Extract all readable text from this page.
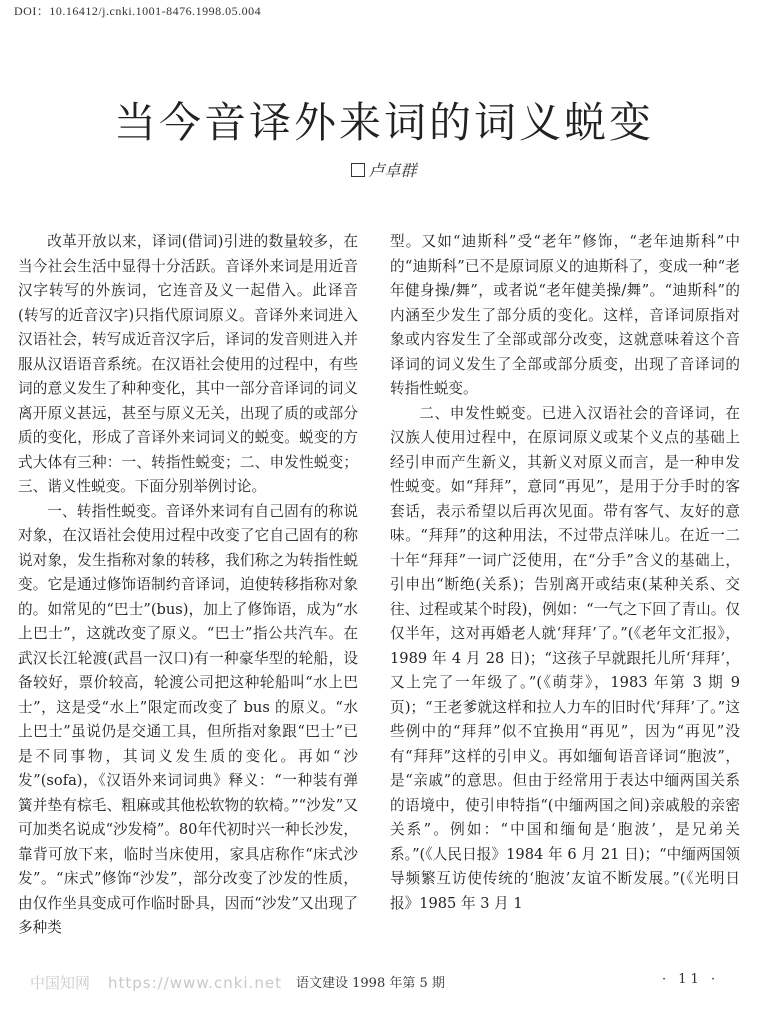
DOI：10.16412/j.cnki.1001-8476.1998.05.004
当今音译外来词的词义蜕变
卢卓群

改革开放以来，译词(借词)引进的数量较多，在当今社会生活中显得十分活跃。音译外来词是用近音汉字转写的外族词，它连音及义一起借入。此译音(转写的近音汉字)只指代原词原义。音译外来词进入汉语社会，转写成近音汉字后，译词的发音则进入并服从汉语语音系统。在汉语社会使用的过程中，有些词的意义发生了种种变化，其中一部分音译词的词义离开原义甚远，甚至与原义无关，出现了质的或部分质的变化，形成了音译外来词词义的蜕变。蜕变的方式大体有三种：一、转指性蜕变；二、申发性蜕变；三、谐义性蜕变。下面分别举例讨论。

一、转指性蜕变。音译外来词有自己固有的称说对象，在汉语社会使用过程中改变了它自己固有的称说对象，发生指称对象的转移，我们称之为转指性蜕变。它是通过修饰语制约音译词，迫使转移指称对象的。如常见的“巴士”(bus)，加上了修饰语，成为“水上巴士”，这就改变了原义。“巴士”指公共汽车。在武汉长江轮渡(武昌一汉口)有一种豪华型的轮船，设备较好，票价较高，轮渡公司把这种轮船叫“水上巴士”，这是受“水上”限定而改变了 bus 的原义。“水上巴士”虽说仍是交通工具，但所指对象跟“巴士”已是不同事物，其词义发生质的变化。再如“沙发”(sofa)，《汉语外来词词典》释义：“一种装有弹簧并垫有棕毛、粗麻或其他松软物的软椅。”“沙发”又可加类名说成“沙发椅”。80年代初时兴一种长沙发，靠背可放下来，临时当床使用，家具店称作“床式沙发”。“床式”修饰“沙发”，部分改变了沙发的性质，由仅作坐具变成可作临时卧具，因而“沙发”又出现了多种类

型。又如“迪斯科”受“老年”修饰，“老年迪斯科”中的“迪斯科”已不是原词原义的迪斯科了，变成一种“老年健身操/舞”，或者说“老年健美操/舞”。“迪斯科”的内涵至少发生了部分质的变化。这样，音译词原指对象或内容发生了全部或部分改变，这就意味着这个音译词的词义发生了全部或部分质变，出现了音译词的转指性蜕变。

二、申发性蜕变。已进入汉语社会的音译词，在汉族人使用过程中，在原词原义或某个义点的基础上经引申而产生新义，其新义对原义而言，是一种申发性蜕变。如“拜拜”，意同“再见”，是用于分手时的客套话，表示希望以后再次见面。带有客气、友好的意味。“拜拜”的这种用法，不过带点洋味儿。在近一二十年“拜拜”一词广泛使用，在“分手”含义的基础上，引申出“断绝(关系)；告别离开或结束(某种关系、交往、过程或某个时段)，例如：“一气之下回了青山。仅仅半年，这对再婚老人就‘拜拜’了。”(《老年文汇报》，1989 年 4 月 28 日)；“这孩子早就跟托儿所‘拜拜’，又上完了一年级了。”(《萌芽》，1983 年第 3 期 9 页)；“王老爹就这样和拉人力车的旧时代‘拜拜’了。”这些例中的“拜拜”似不宜换用“再见”，因为“再见”没有“拜拜”这样的引申义。再如缅甸语音译词“胞波”，是“亲戚”的意思。但由于经常用于表达中缅两国关系的语境中，使引申特指“(中缅两国之间)亲戚般的亲密关系”。例如：“中国和缅甸是‘胞波’，是兄弟关系。”(《人民日报》1984 年 6 月 21 日)；“中缅两国领导频繁互访使传统的‘胞波’友谊不断发展。”(《光明日报》1985 年 3 月 1

中国知网 https://www.cnki.net 语文建设 1998 年第 5 期	· 11 ·
